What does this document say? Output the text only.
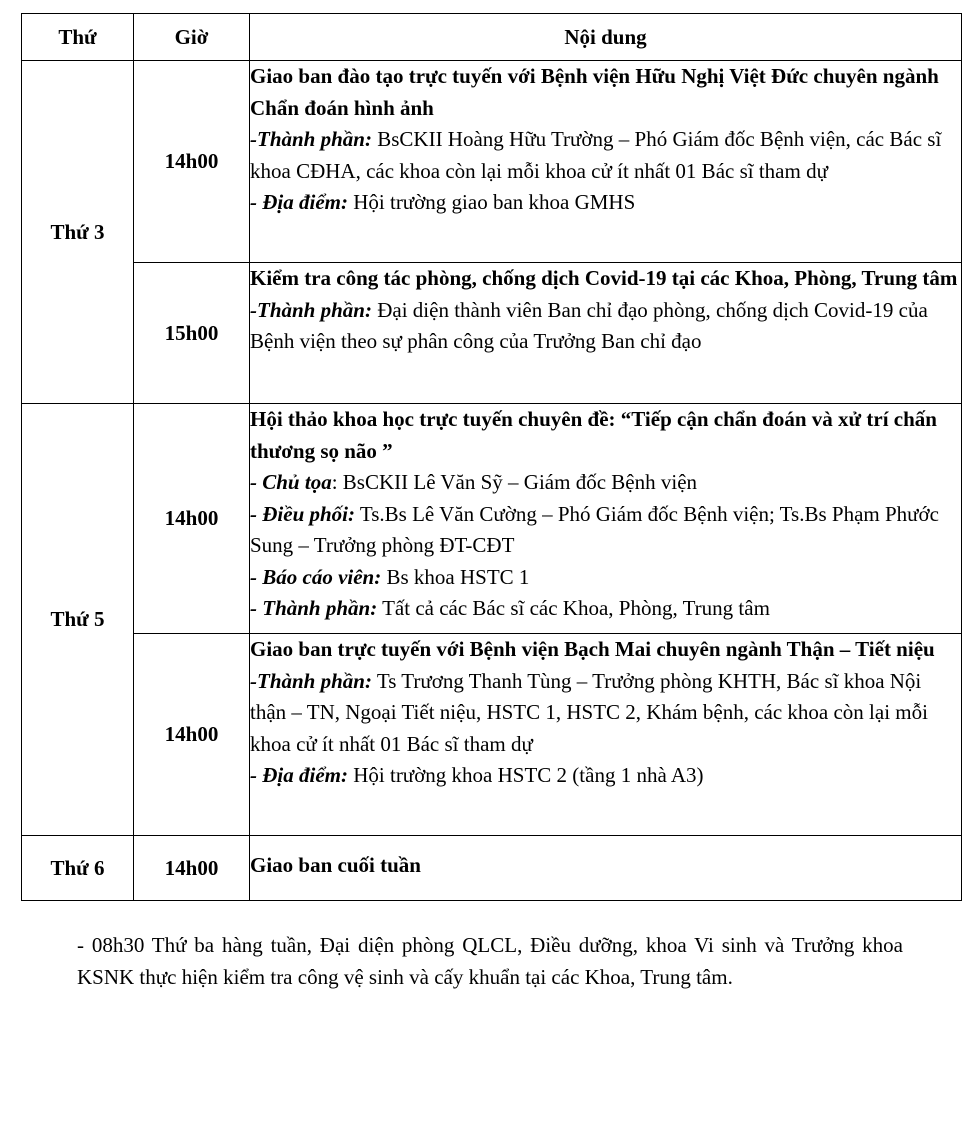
Thứ	Giờ	Nội dung
Thứ 3	14h00	Giao ban đào tạo trực tuyến với Bệnh viện Hữu Nghị Việt Đức chuyên ngành Chẩn đoán hình ảnh
-Thành phần: BsCKII Hoàng Hữu Trường – Phó Giám đốc Bệnh viện, các Bác sĩ khoa CĐHA, các khoa còn lại mỗi khoa cử ít nhất 01 Bác sĩ tham dự
- Địa điểm: Hội trường giao ban khoa GMHS

	15h00	Kiểm tra công tác phòng, chống dịch Covid-19 tại các Khoa, Phòng, Trung tâm
-Thành phần: Đại diện thành viên Ban chỉ đạo phòng, chống dịch Covid-19 của Bệnh viện theo sự phân công của Trưởng Ban chỉ đạo

Thứ 5	14h00	Hội thảo khoa học trực tuyến chuyên đề: “Tiếp cận chẩn đoán và xử trí chấn thương sọ não ”
- Chủ tọa: BsCKII Lê Văn Sỹ – Giám đốc Bệnh viện
- Điều phối: Ts.Bs Lê Văn Cường – Phó Giám đốc Bệnh viện; Ts.Bs Phạm Phước Sung – Trưởng phòng ĐT-CĐT
- Báo cáo viên: Bs khoa HSTC 1
- Thành phần: Tất cả các Bác sĩ các Khoa, Phòng, Trung tâm

	14h00	Giao ban trực tuyến với Bệnh viện Bạch Mai chuyên ngành Thận – Tiết niệu
-Thành phần: Ts Trương Thanh Tùng – Trưởng phòng KHTH, Bác sĩ khoa Nội thận – TN, Ngoại Tiết niệu, HSTC 1, HSTC 2, Khám bệnh, các khoa còn lại mỗi khoa cử ít nhất 01 Bác sĩ tham dự
- Địa điểm: Hội trường khoa HSTC 2 (tầng 1 nhà A3)

Thứ 6	14h00	Giao ban cuối tuần
- 08h30 Thứ ba hàng tuần, Đại diện phòng QLCL, Điều dưỡng, khoa Vi sinh và Trưởng khoa KSNK thực hiện kiểm tra công vệ sinh và cấy khuẩn tại các Khoa, Trung tâm.
